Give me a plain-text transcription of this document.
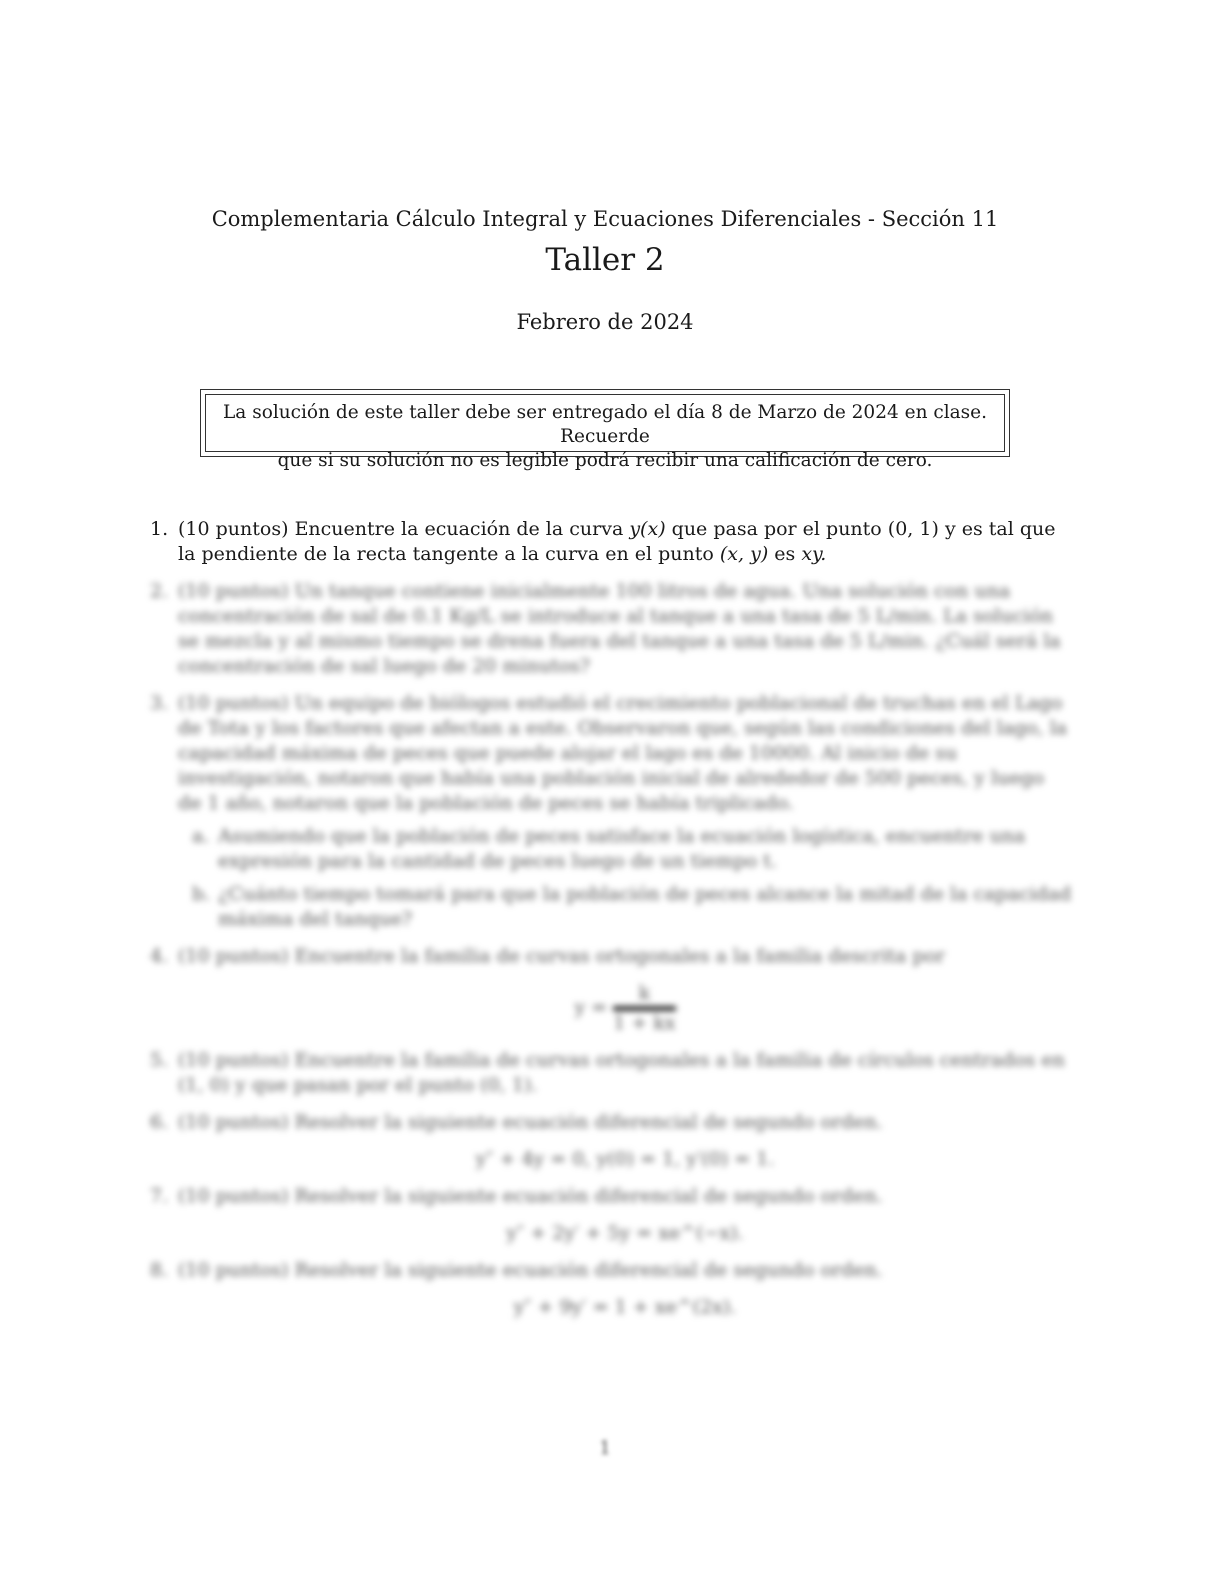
Complementaria Cálculo Integral y Ecuaciones Diferenciales - Sección 11
Taller 2
Febrero de 2024
La solución de este taller debe ser entregado el día 8 de Marzo de 2024 en clase. Recuerde
que si su solución no es legible podrá recibir una calificación de cero.
1. (10 puntos) Encuentre la ecuación de la curva y(x) que pasa por el punto (0, 1) y es tal que la pendiente de la recta tangente a la curva en el punto (x, y) es xy.
2. (10 puntos) Un tanque contiene inicialmente 100 litros de agua. Una solución con una concentración de sal de 0.1 Kg/L se introduce al tanque a una tasa de 5 L/min. La solución se mezcla y al mismo tiempo se drena fuera del tanque a una tasa de 5 L/min. ¿Cuál será la concentración de sal luego de 20 minutos?
3. (10 puntos) Un equipo de biólogos estudió el crecimiento poblacional de truchas en el Lago de Tota y los factores que afectan a este. Observaron que, según las condiciones del lago, la capacidad máxima de peces que puede alojar el lago es de 10000. Al inicio de su investigación, notaron que había una población inicial de alrededor de 500 peces, y luego de 1 año, notaron que la población de peces se había triplicado.
a. Asumiendo que la población de peces satisface la ecuación logística, encuentre una expresión para la cantidad de peces luego de un tiempo t.
b. ¿Cuánto tiempo tomará para que la población de peces alcance la mitad de la capacidad máxima del tanque?
4. (10 puntos) Encuentre la familia de curvas ortogonales a la familia descrita por
$y = \frac{k}{1 + kx}$
5. (10 puntos) Encuentre la familia de curvas ortogonales a la familia de círculos centrados en (1, 0) y que pasan por el punto (0, 1).
6. (10 puntos) Resolver la siguiente ecuación diferencial de segundo orden.
y″ + 4y = 0, y(0) = 1, y′(0) = 1.
7. (10 puntos) Resolver la siguiente ecuación diferencial de segundo orden.
y″ + 2y′ + 5y = xe^(−x).
8. (10 puntos) Resolver la siguiente ecuación diferencial de segundo orden.
y″ + 9y′ = 1 + xe^(2x).
1
